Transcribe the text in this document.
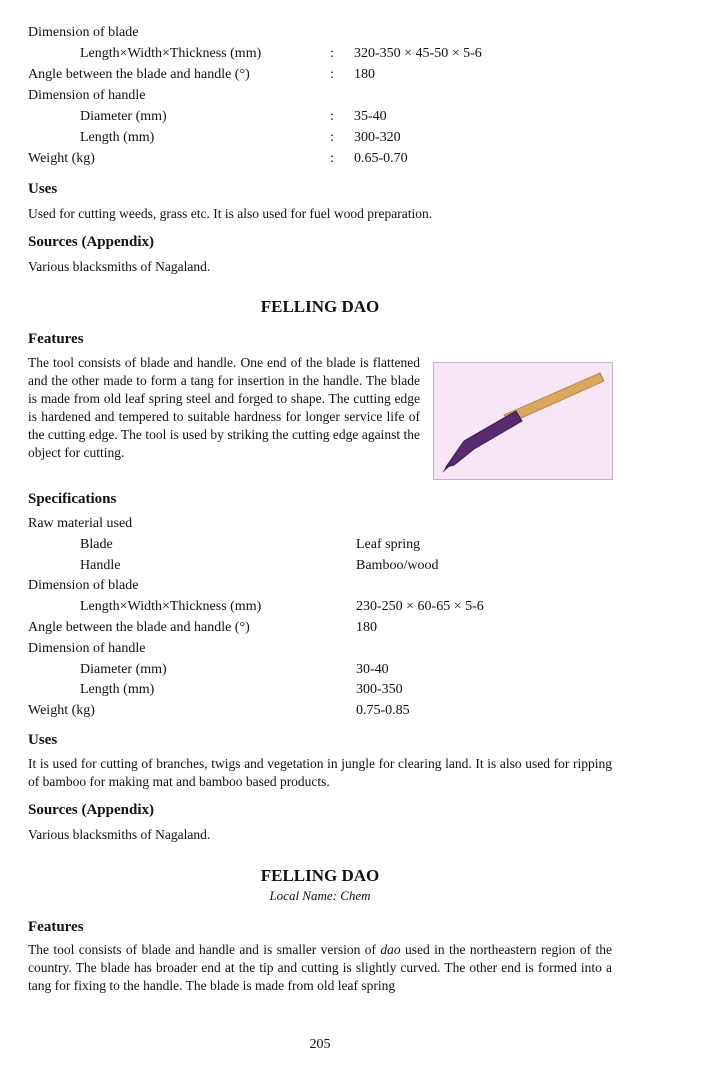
Dimension of blade
Length×Width×Thickness (mm)	: 320-350 × 45-50 × 5-6
Angle between the blade and handle (°)	: 180
Dimension of handle
Diameter (mm)	: 35-40
Length (mm)	: 300-320
Weight (kg)	: 0.65-0.70
Uses
Used for cutting weeds, grass etc. It is also used for fuel wood preparation.
Sources (Appendix)
Various blacksmiths of Nagaland.
FELLING DAO
Features
The tool consists of blade and handle. One end of the blade is flattened and the other made to form a tang for insertion in the handle. The blade is made from old leaf spring steel and forged to shape. The cutting edge is hardened and tempered to suitable hardness for longer service life of the cutting edge. The tool is used by striking the cutting edge against the object for cutting.
Specifications
Raw material used
Blade	Leaf spring
Handle	Bamboo/wood
Dimension of blade
Length×Width×Thickness (mm)	230-250 × 60-65 × 5-6
Angle between the blade and handle (°)	180
Dimension of handle
Diameter (mm)	30-40
Length (mm)	300-350
Weight (kg)	0.75-0.85
Uses
It is used for cutting of branches, twigs and vegetation in jungle for clearing land. It is also used for ripping of bamboo for making mat and bamboo based products.
Sources (Appendix)
Various blacksmiths of Nagaland.
FELLING DAO
Local Name: Chem
Features
The tool consists of blade and handle and is smaller version of dao used in the northeastern region of the country. The blade has broader end at the tip and cutting is slightly curved. The other end is formed into a tang for fixing to the handle. The blade is made from old leaf spring
205
